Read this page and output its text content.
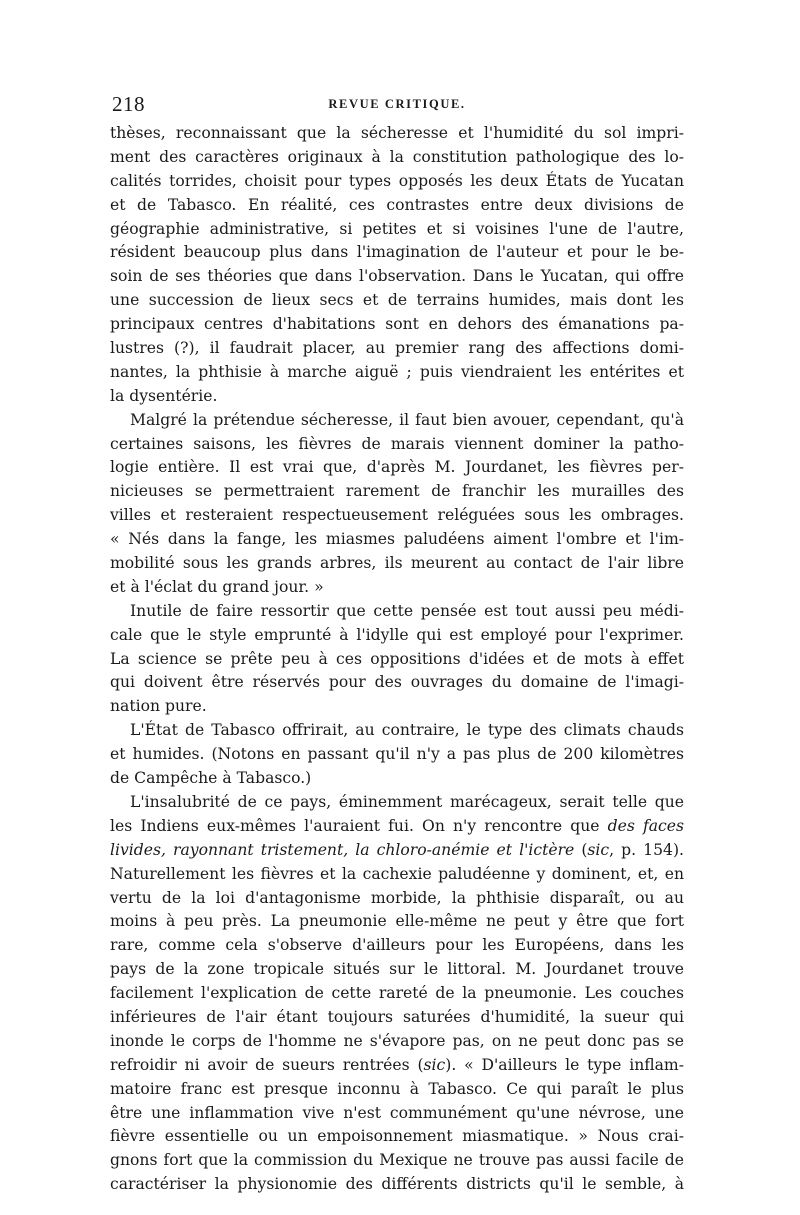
218	REVUE CRITIQUE.
thèses, reconnaissant que la sécheresse et l'humidité du sol impri-
ment des caractères originaux à la constitution pathologique des lo-
calités torrides, choisit pour types opposés les deux États de Yucatan
et de Tabasco. En réalité, ces contrastes entre deux divisions de
géographie administrative, si petites et si voisines l'une de l'autre,
résident beaucoup plus dans l'imagination de l'auteur et pour le be-
soin de ses théories que dans l'observation. Dans le Yucatan, qui offre
une succession de lieux secs et de terrains humides, mais dont les
principaux centres d'habitations sont en dehors des émanations pa-
lustres (?), il faudrait placer, au premier rang des affections domi-
nantes, la phthisie à marche aiguë ; puis viendraient les entérites et
la dysentérie.
Malgré la prétendue sécheresse, il faut bien avouer, cependant, qu'à
certaines saisons, les fièvres de marais viennent dominer la patho-
logie entière. Il est vrai que, d'après M. Jourdanet, les fièvres per-
nicieuses se permettraient rarement de franchir les murailles des
villes et resteraient respectueusement reléguées sous les ombrages.
« Nés dans la fange, les miasmes paludéens aiment l'ombre et l'im-
mobilité sous les grands arbres, ils meurent au contact de l'air libre
et à l'éclat du grand jour. »
Inutile de faire ressortir que cette pensée est tout aussi peu médi-
cale que le style emprunté à l'idylle qui est employé pour l'exprimer.
La science se prête peu à ces oppositions d'idées et de mots à effet
qui doivent être réservés pour des ouvrages du domaine de l'imagi-
nation pure.
L'État de Tabasco offrirait, au contraire, le type des climats chauds
et humides. (Notons en passant qu'il n'y a pas plus de 200 kilomètres
de Campêche à Tabasco.)
L'insalubrité de ce pays, éminemment marécageux, serait telle que
les Indiens eux-mêmes l'auraient fui. On n'y rencontre que des faces
livides, rayonnant tristement, la chloro-anémie et l'ictère (sic, p. 154).
Naturellement les fièvres et la cachexie paludéenne y dominent, et, en
vertu de la loi d'antagonisme morbide, la phthisie disparaît, ou au
moins à peu près. La pneumonie elle-même ne peut y être que fort
rare, comme cela s'observe d'ailleurs pour les Européens, dans les
pays de la zone tropicale situés sur le littoral. M. Jourdanet trouve
facilement l'explication de cette rareté de la pneumonie. Les couches
inférieures de l'air étant toujours saturées d'humidité, la sueur qui
inonde le corps de l'homme ne s'évapore pas, on ne peut donc pas se
refroidir ni avoir de sueurs rentrées (sic). « D'ailleurs le type inflam-
matoire franc est presque inconnu à Tabasco. Ce qui paraît le plus
être une inflammation vive n'est communément qu'une névrose, une
fièvre essentielle ou un empoisonnement miasmatique. » Nous crai-
gnons fort que la commission du Mexique ne trouve pas aussi facile de
caractériser la physionomie des différents districts qu'il le semble, à
